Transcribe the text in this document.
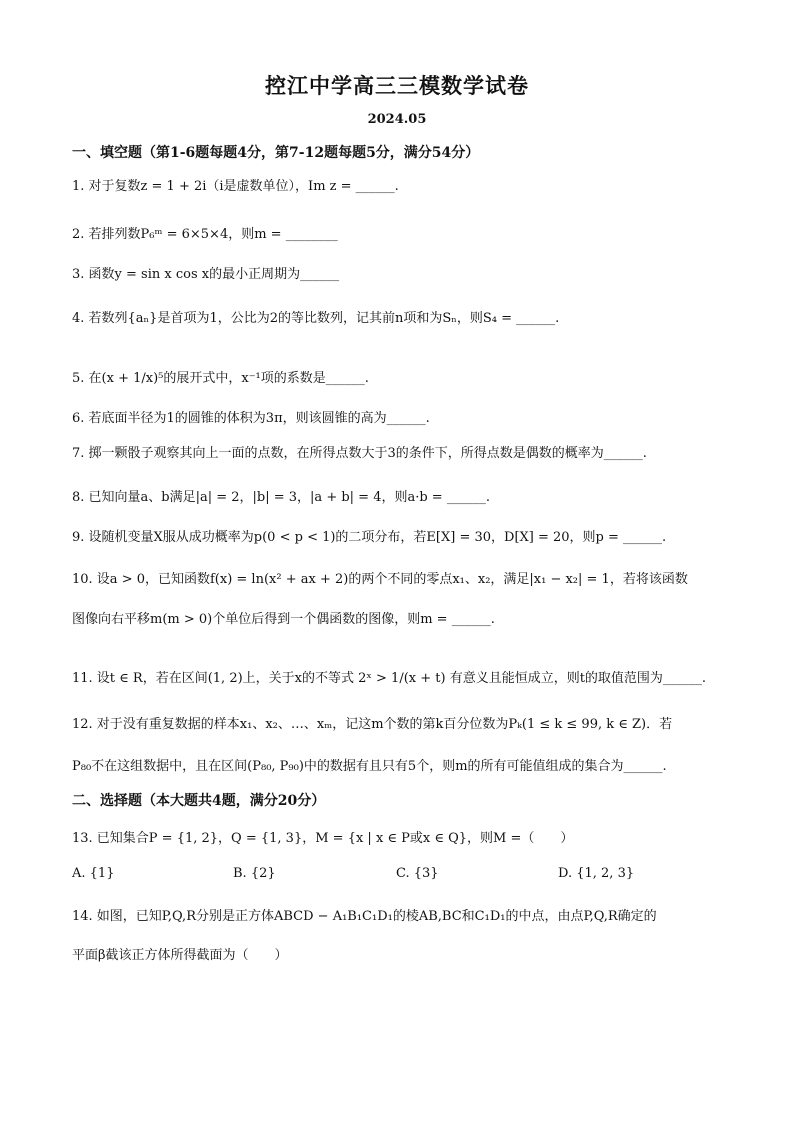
控江中学高三三模数学试卷
2024.05
一、填空题（第1-6题每题4分，第7-12题每题5分，满分54分）
1. 对于复数z = 1 + 2i（i是虚数单位），Im z = ______.
2. 若排列数P₆ᵐ = 6×5×4，则m = ________
3. 函数y = sin x cos x的最小正周期为______
4. 若数列{aₙ}是首项为1，公比为2的等比数列，记其前n项和为Sₙ，则S₄ = ______.
5. 在(x + 1/x)⁵的展开式中，x⁻¹项的系数是______.
6. 若底面半径为1的圆锥的体积为3π，则该圆锥的高为______.
7. 掷一颗骰子观察其向上一面的点数，在所得点数大于3的条件下，所得点数是偶数的概率为______.
8. 已知向量a、b满足|a| = 2，|b| = 3，|a + b| = 4，则a·b = ______.
9. 设随机变量X服从成功概率为p(0 < p < 1)的二项分布，若E[X] = 30，D[X] = 20，则p = ______.
10. 设a > 0，已知函数f(x) = ln(x² + ax + 2)的两个不同的零点x₁、x₂，满足|x₁ − x₂| = 1，若将该函数
图像向右平移m(m > 0)个单位后得到一个偶函数的图像，则m = ______.
11. 设t ∈ R，若在区间(1, 2)上，关于x的不等式 2ˣ > 1/(x + t) 有意义且能恒成立，则t的取值范围为______.
12. 对于没有重复数据的样本x₁、x₂、…、xₘ，记这m个数的第k百分位数为Pₖ(1 ≤ k ≤ 99, k ∈ Z)．若
P₈₀不在这组数据中，且在区间(P₈₀, P₉₀)中的数据有且只有5个，则m的所有可能值组成的集合为______.
二、选择题（本大题共4题，满分20分）
13. 已知集合P = {1, 2}，Q = {1, 3}，M = {x | x ∈ P或x ∈ Q}，则M =（　　）
A. {1}	B. {2}	C. {3}	D. {1, 2, 3}
14. 如图，已知P,Q,R分别是正方体ABCD − A₁B₁C₁D₁的棱AB,BC和C₁D₁的中点，由点P,Q,R确定的
平面β截该正方体所得截面为（　　）
